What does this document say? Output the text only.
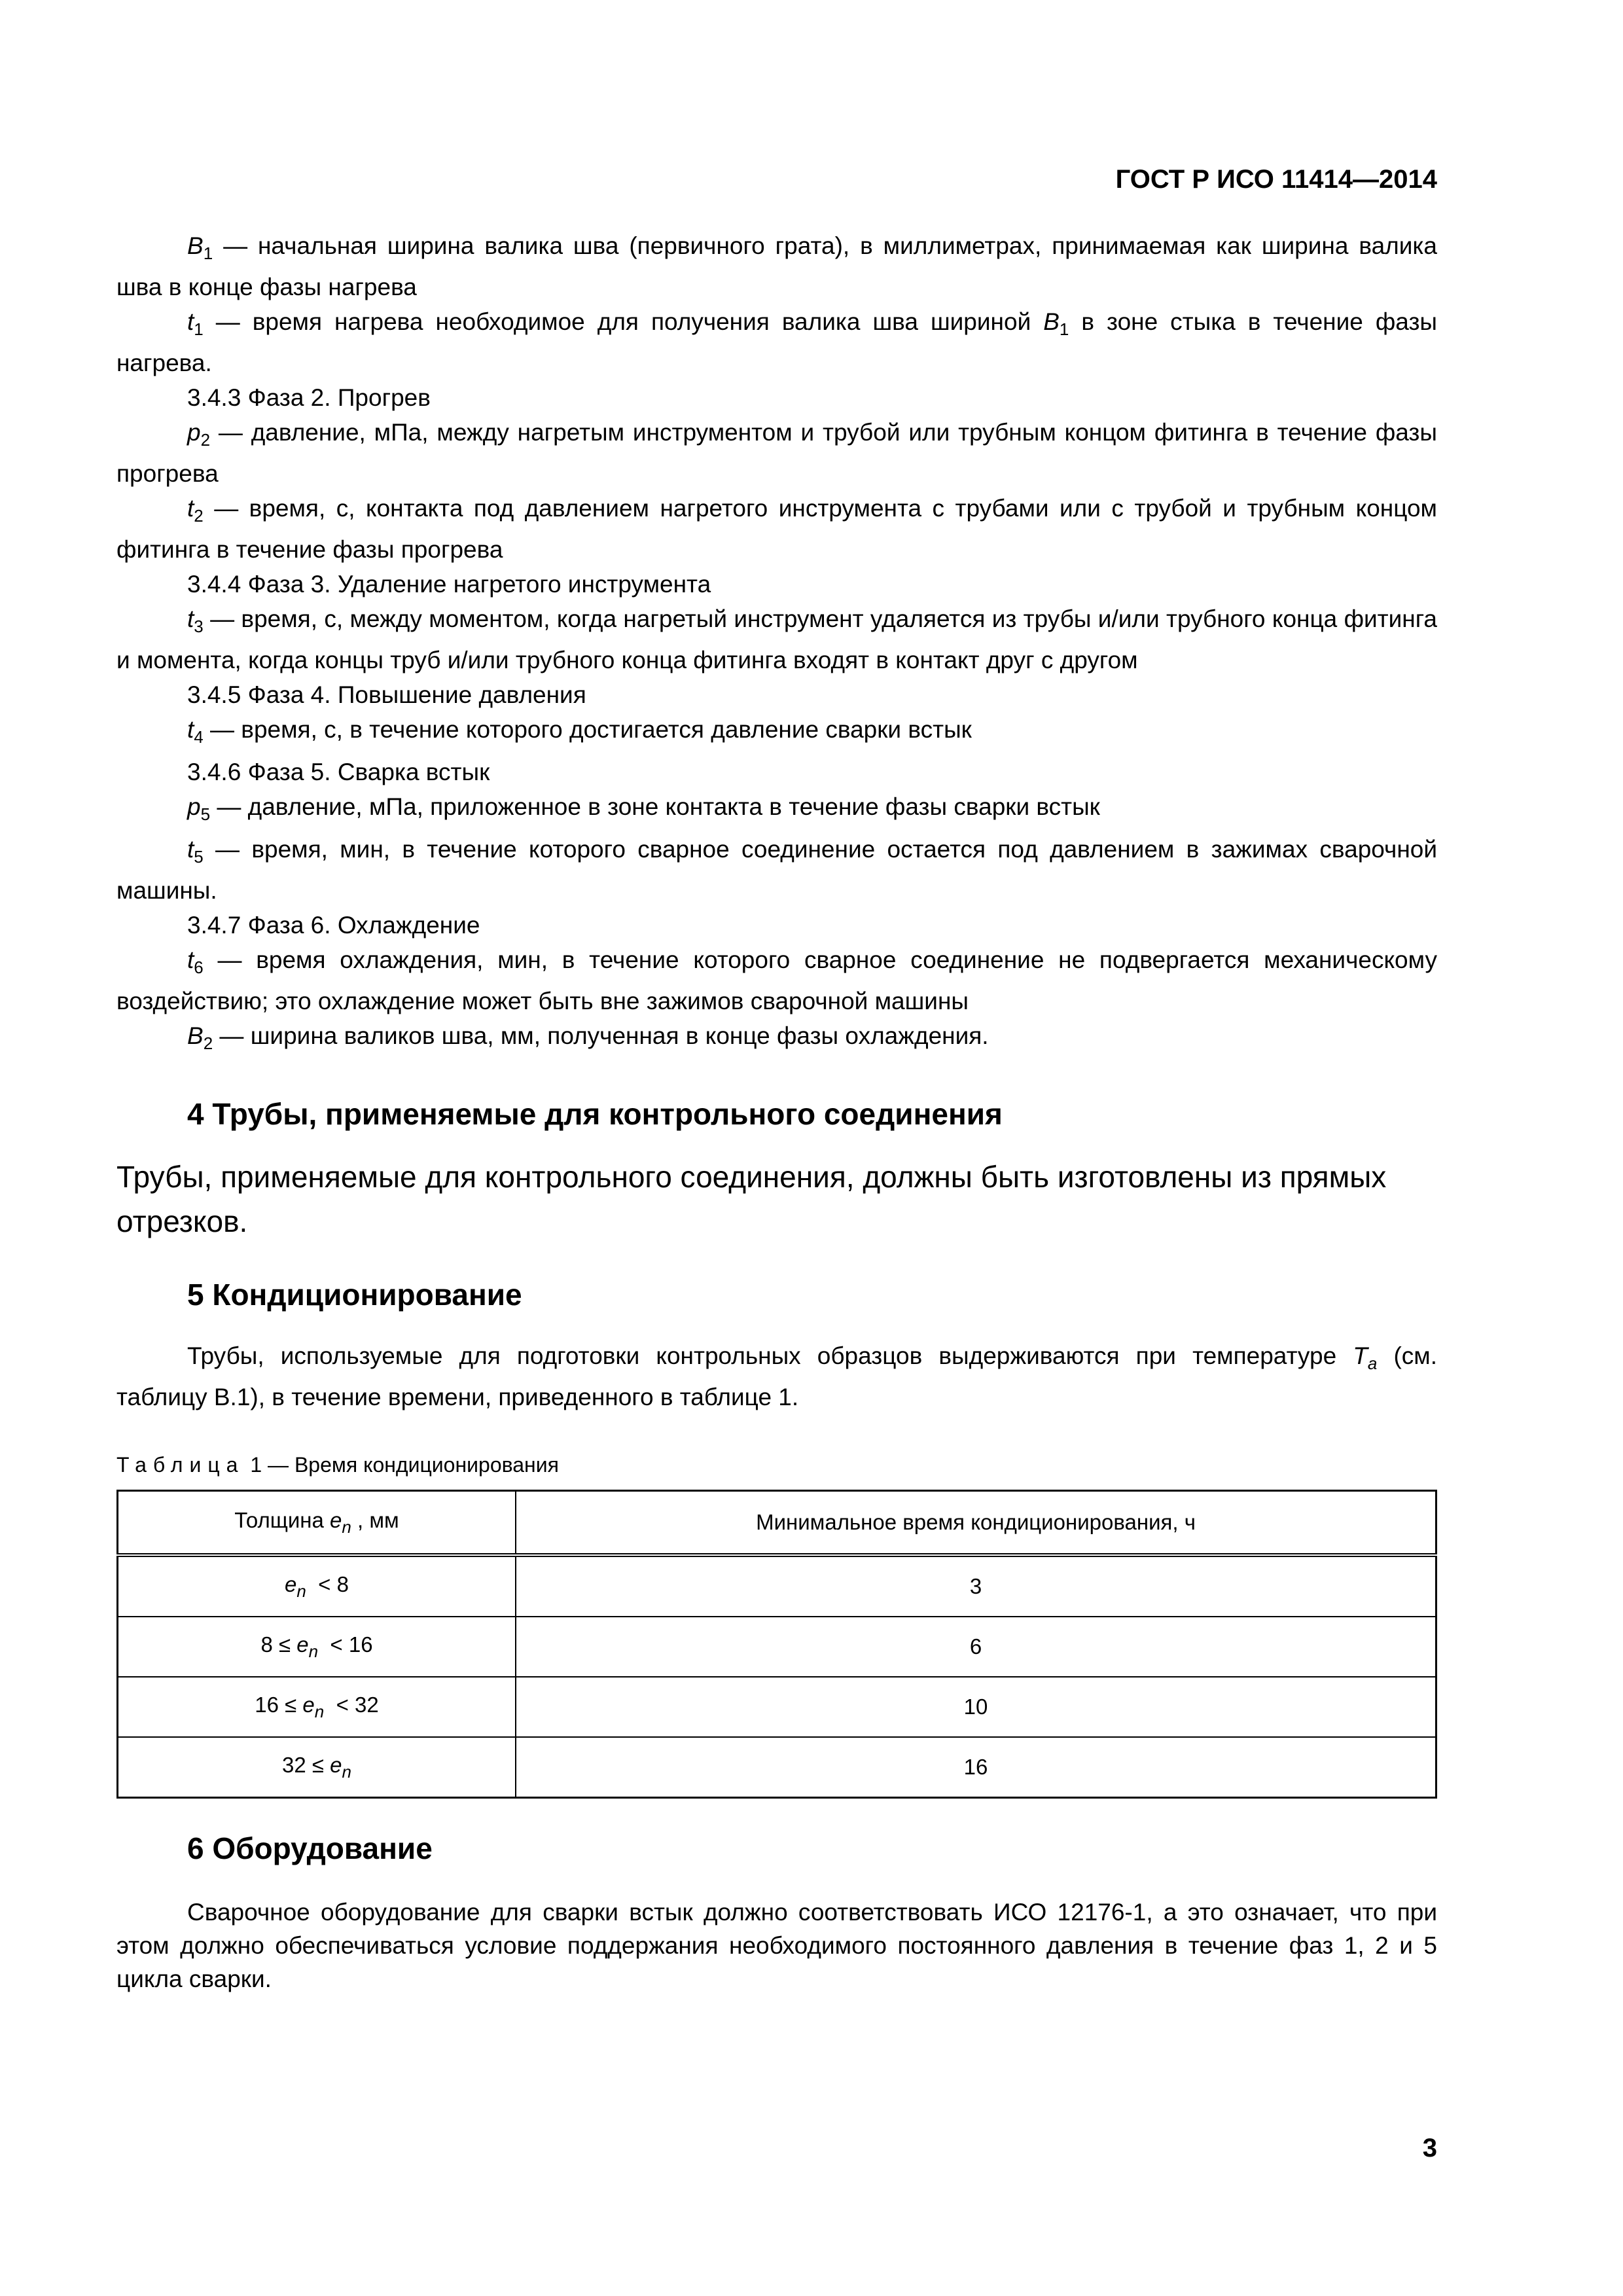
ГОСТ Р ИСО 11414—2014

$B_1$ — начальная ширина валика шва (первичного грата), в миллиметрах, принимаемая как ширина валика шва в конце фазы нагрева

$t_1$ — время нагрева необходимое для получения валика шва шириной $B_1$ в зоне стыка в течение фазы нагрева.

3.4.3 Фаза 2. Прогрев

$p_2$ — давление, мПа, между нагретым инструментом и трубой или трубным концом фитинга в течение фазы прогрева

$t_2$ — время, с, контакта под давлением нагретого инструмента с трубами или с трубой и трубным концом фитинга в течение фазы прогрева

3.4.4 Фаза 3. Удаление нагретого инструмента

$t_3$ — время, с, между моментом, когда нагретый инструмент удаляется из трубы и/или трубного конца фитинга и момента, когда концы труб и/или трубного конца фитинга входят в контакт друг с другом

3.4.5 Фаза 4. Повышение давления

$t_4$ — время, с, в течение которого достигается давление сварки встык

3.4.6 Фаза 5. Сварка встык

$p_5$ — давление, мПа, приложенное в зоне контакта в течение фазы сварки встык

$t_5$ — время, мин, в течение которого сварное соединение остается под давлением в зажимах сварочной машины.

3.4.7 Фаза 6. Охлаждение

$t_6$ — время охлаждения, мин, в течение которого сварное соединение не подвергается механическому воздействию; это охлаждение может быть вне зажимов сварочной машины

$B_2$ — ширина валиков шва, мм, полученная в конце фазы охлаждения.

4 Трубы, применяемые для контрольного соединения

Трубы, применяемые для контрольного соединения, должны быть изготовлены из прямых отрезков.

5 Кондиционирование

Трубы, используемые для подготовки контрольных образцов выдерживаются при температуре $T_a$ (см. таблицу В.1), в течение времени, приведенного в таблице 1.

Таблица 1 — Время кондиционирования

Толщина $e_n$ , мм	Минимальное время кондиционирования, ч
$e_n < 8$	3
$8 \le e_n < 16$	6
$16 \le e_n < 32$	10
$32 \le e_n$	16
6 Оборудование

Сварочное оборудование для сварки встык должно соответствовать ИСО 12176-1, а это означает, что при этом должно обеспечиваться условие поддержания необходимого постоянного давления в течение фаз 1, 2 и 5 цикла сварки.

3
